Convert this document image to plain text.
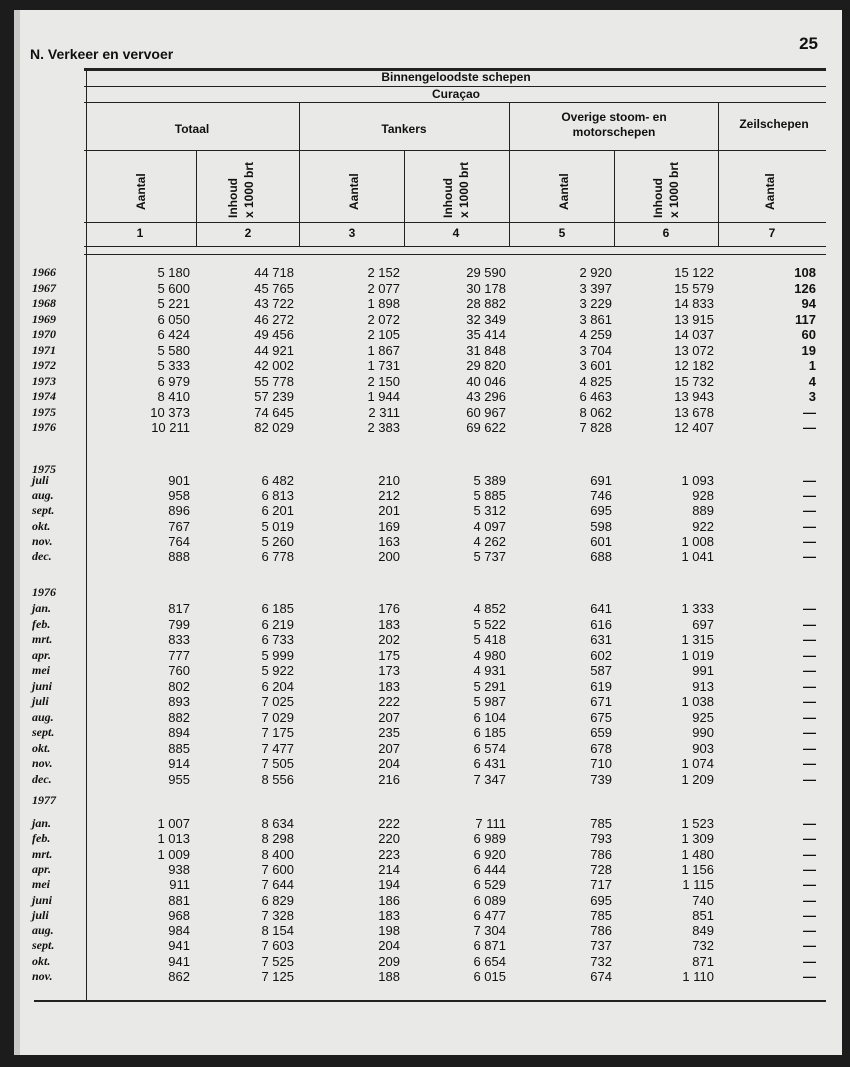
N. Verkeer en vervoer
25
Binnengeloodste schepen
Curaçao
Totaal	Tankers
Overige stoom- en motorschepen
Zeilschepen
Aantal	Inhoud x 1000 brt	Aantal	Inhoud x 1000 brt	Aantal	Inhoud x 1000 brt	Aantal
1	2	3	4	5	6	7
1966	5 180	44 718	2 152	29 590	2 920	15 122	108
1967	5 600	45 765	2 077	30 178	3 397	15 579	126
1968	5 221	43 722	1 898	28 882	3 229	14 833	94
1969	6 050	46 272	2 072	32 349	3 861	13 915	117
1970	6 424	49 456	2 105	35 414	4 259	14 037	60
1971	5 580	44 921	1 867	31 848	3 704	13 072	19
1972	5 333	42 002	1 731	29 820	3 601	12 182	1
1973	6 979	55 778	2 150	40 046	4 825	15 732	4
1974	8 410	57 239	1 944	43 296	6 463	13 943	3
1975	10 373	74 645	2 311	60 967	8 062	13 678	—
1976	10 211	82 029	2 383	69 622	7 828	12 407	—
1975
juli	901	6 482	210	5 389	691	1 093	—
aug.	958	6 813	212	5 885	746	928	—
sept.	896	6 201	201	5 312	695	889	—
okt.	767	5 019	169	4 097	598	922	—
nov.	764	5 260	163	4 262	601	1 008	—
dec.	888	6 778	200	5 737	688	1 041	—
1976
jan.	817	6 185	176	4 852	641	1 333	—
feb.	799	6 219	183	5 522	616	697	—
mrt.	833	6 733	202	5 418	631	1 315	—
apr.	777	5 999	175	4 980	602	1 019	—
mei	760	5 922	173	4 931	587	991	—
juni	802	6 204	183	5 291	619	913	—
juli	893	7 025	222	5 987	671	1 038	—
aug.	882	7 029	207	6 104	675	925	—
sept.	894	7 175	235	6 185	659	990	—
okt.	885	7 477	207	6 574	678	903	—
nov.	914	7 505	204	6 431	710	1 074	—
dec.	955	8 556	216	7 347	739	1 209	—
1977
jan.	1 007	8 634	222	7 111	785	1 523	—
feb.	1 013	8 298	220	6 989	793	1 309	—
mrt.	1 009	8 400	223	6 920	786	1 480	—
apr.	938	7 600	214	6 444	728	1 156	—
mei	911	7 644	194	6 529	717	1 115	—
juni	881	6 829	186	6 089	695	740	—
juli	968	7 328	183	6 477	785	851	—
aug.	984	8 154	198	7 304	786	849	—
sept.	941	7 603	204	6 871	737	732	—
okt.	941	7 525	209	6 654	732	871	—
nov.	862	7 125	188	6 015	674	1 110	—
